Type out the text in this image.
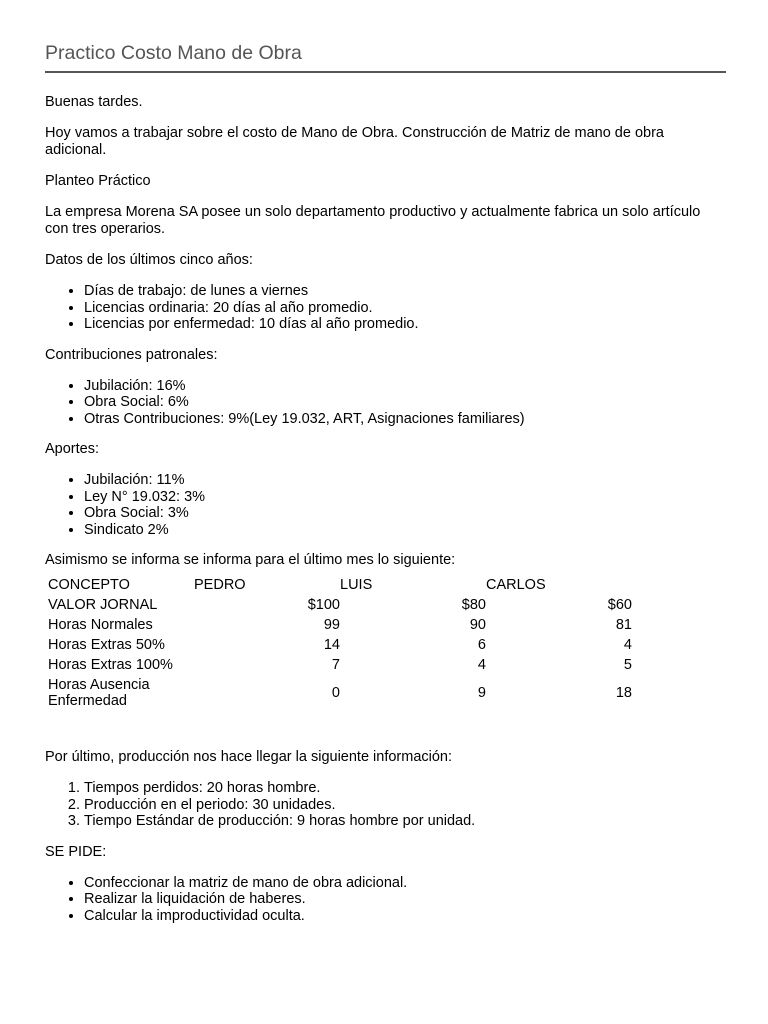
Practico Costo Mano de Obra

Buenas tardes.

Hoy vamos a trabajar sobre el costo de Mano de Obra. Construcción de Matriz de mano de obra adicional.

Planteo Práctico

La empresa Morena SA posee un solo departamento productivo y actualmente fabrica un solo artículo con tres operarios.

Datos de los últimos cinco años:

• Días de trabajo: de lunes a viernes
• Licencias ordinaria: 20 días al año promedio.
• Licencias por enfermedad: 10 días al año promedio.

Contribuciones patronales:

• Jubilación: 16%
• Obra Social: 6%
• Otras Contribuciones: 9%(Ley 19.032, ART, Asignaciones familiares)

Aportes:

• Jubilación: 11%
• Ley N° 19.032: 3%
• Obra Social: 3%
• Sindicato 2%

Asimismo se informa se informa para el último mes lo siguiente:

CONCEPTO	PEDRO	LUIS	CARLOS
VALOR JORNAL	$100	$80	$60
Horas Normales	99	90	81
Horas Extras 50%	14	6	4
Horas Extras 100%	7	4	5
Horas Ausencia Enfermedad	0	9	18

Por último, producción nos hace llegar la siguiente información:

1. Tiempos perdidos: 20 horas hombre.
2. Producción en el periodo: 30 unidades.
3. Tiempo Estándar de producción: 9 horas hombre por unidad.

SE PIDE:

• Confeccionar la matriz de mano de obra adicional.
• Realizar la liquidación de haberes.
• Calcular la improductividad oculta.
